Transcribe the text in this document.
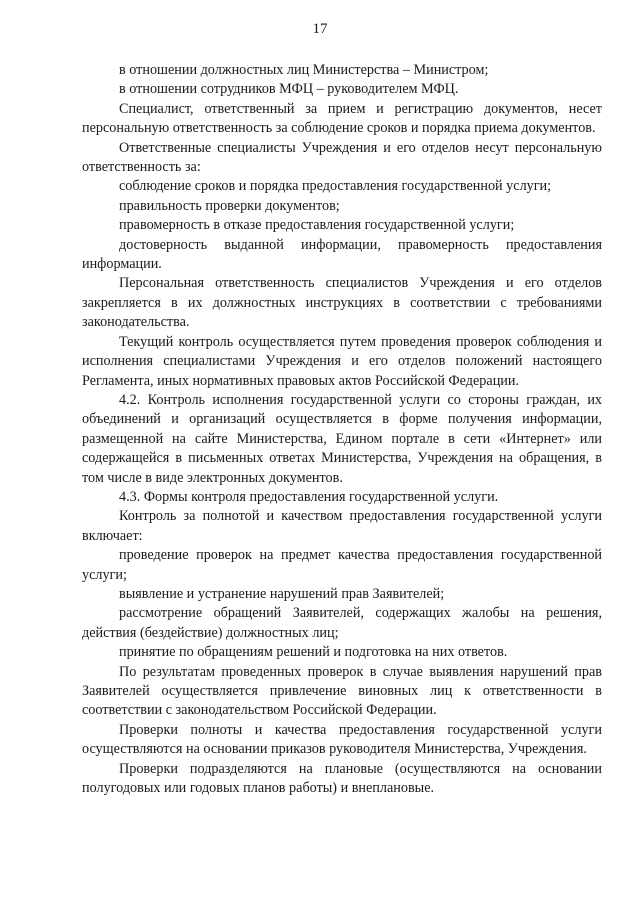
17

в отношении должностных лиц Министерства – Министром;

в отношении сотрудников МФЦ – руководителем МФЦ.

Специалист, ответственный за прием и регистрацию документов, несет персональную ответственность за соблюдение сроков и порядка приема документов.

Ответственные специалисты Учреждения и его отделов несут персональную ответственность за:

соблюдение сроков и порядка предоставления государственной услуги;

правильность проверки документов;

правомерность в отказе предоставления государственной услуги;

достоверность выданной информации, правомерность предоставления информации.

Персональная ответственность специалистов Учреждения и его отделов закрепляется в их должностных инструкциях в соответствии с требованиями законодательства.

Текущий контроль осуществляется путем проведения проверок соблюдения и исполнения специалистами Учреждения и его отделов положений настоящего Регламента, иных нормативных правовых актов Российской Федерации.

4.2. Контроль исполнения государственной услуги со стороны граждан, их объединений и организаций осуществляется в форме получения информации, размещенной на сайте Министерства, Едином портале в сети «Интернет» или содержащейся в письменных ответах Министерства, Учреждения на обращения, в том числе в виде электронных документов.

4.3. Формы контроля предоставления государственной услуги.

Контроль за полнотой и качеством предоставления государственной услуги включает:

проведение проверок на предмет качества предоставления государственной услуги;

выявление и устранение нарушений прав Заявителей;

рассмотрение обращений Заявителей, содержащих жалобы на решения, действия (бездействие) должностных лиц;

принятие по обращениям решений и подготовка на них ответов.

По результатам проведенных проверок в случае выявления нарушений прав Заявителей осуществляется привлечение виновных лиц к ответственности в соответствии с законодательством Российской Федерации.

Проверки полноты и качества предоставления государственной услуги осуществляются на основании приказов руководителя Министерства, Учреждения.

Проверки подразделяются на плановые (осуществляются на основании полугодовых или годовых планов работы) и внеплановые.
